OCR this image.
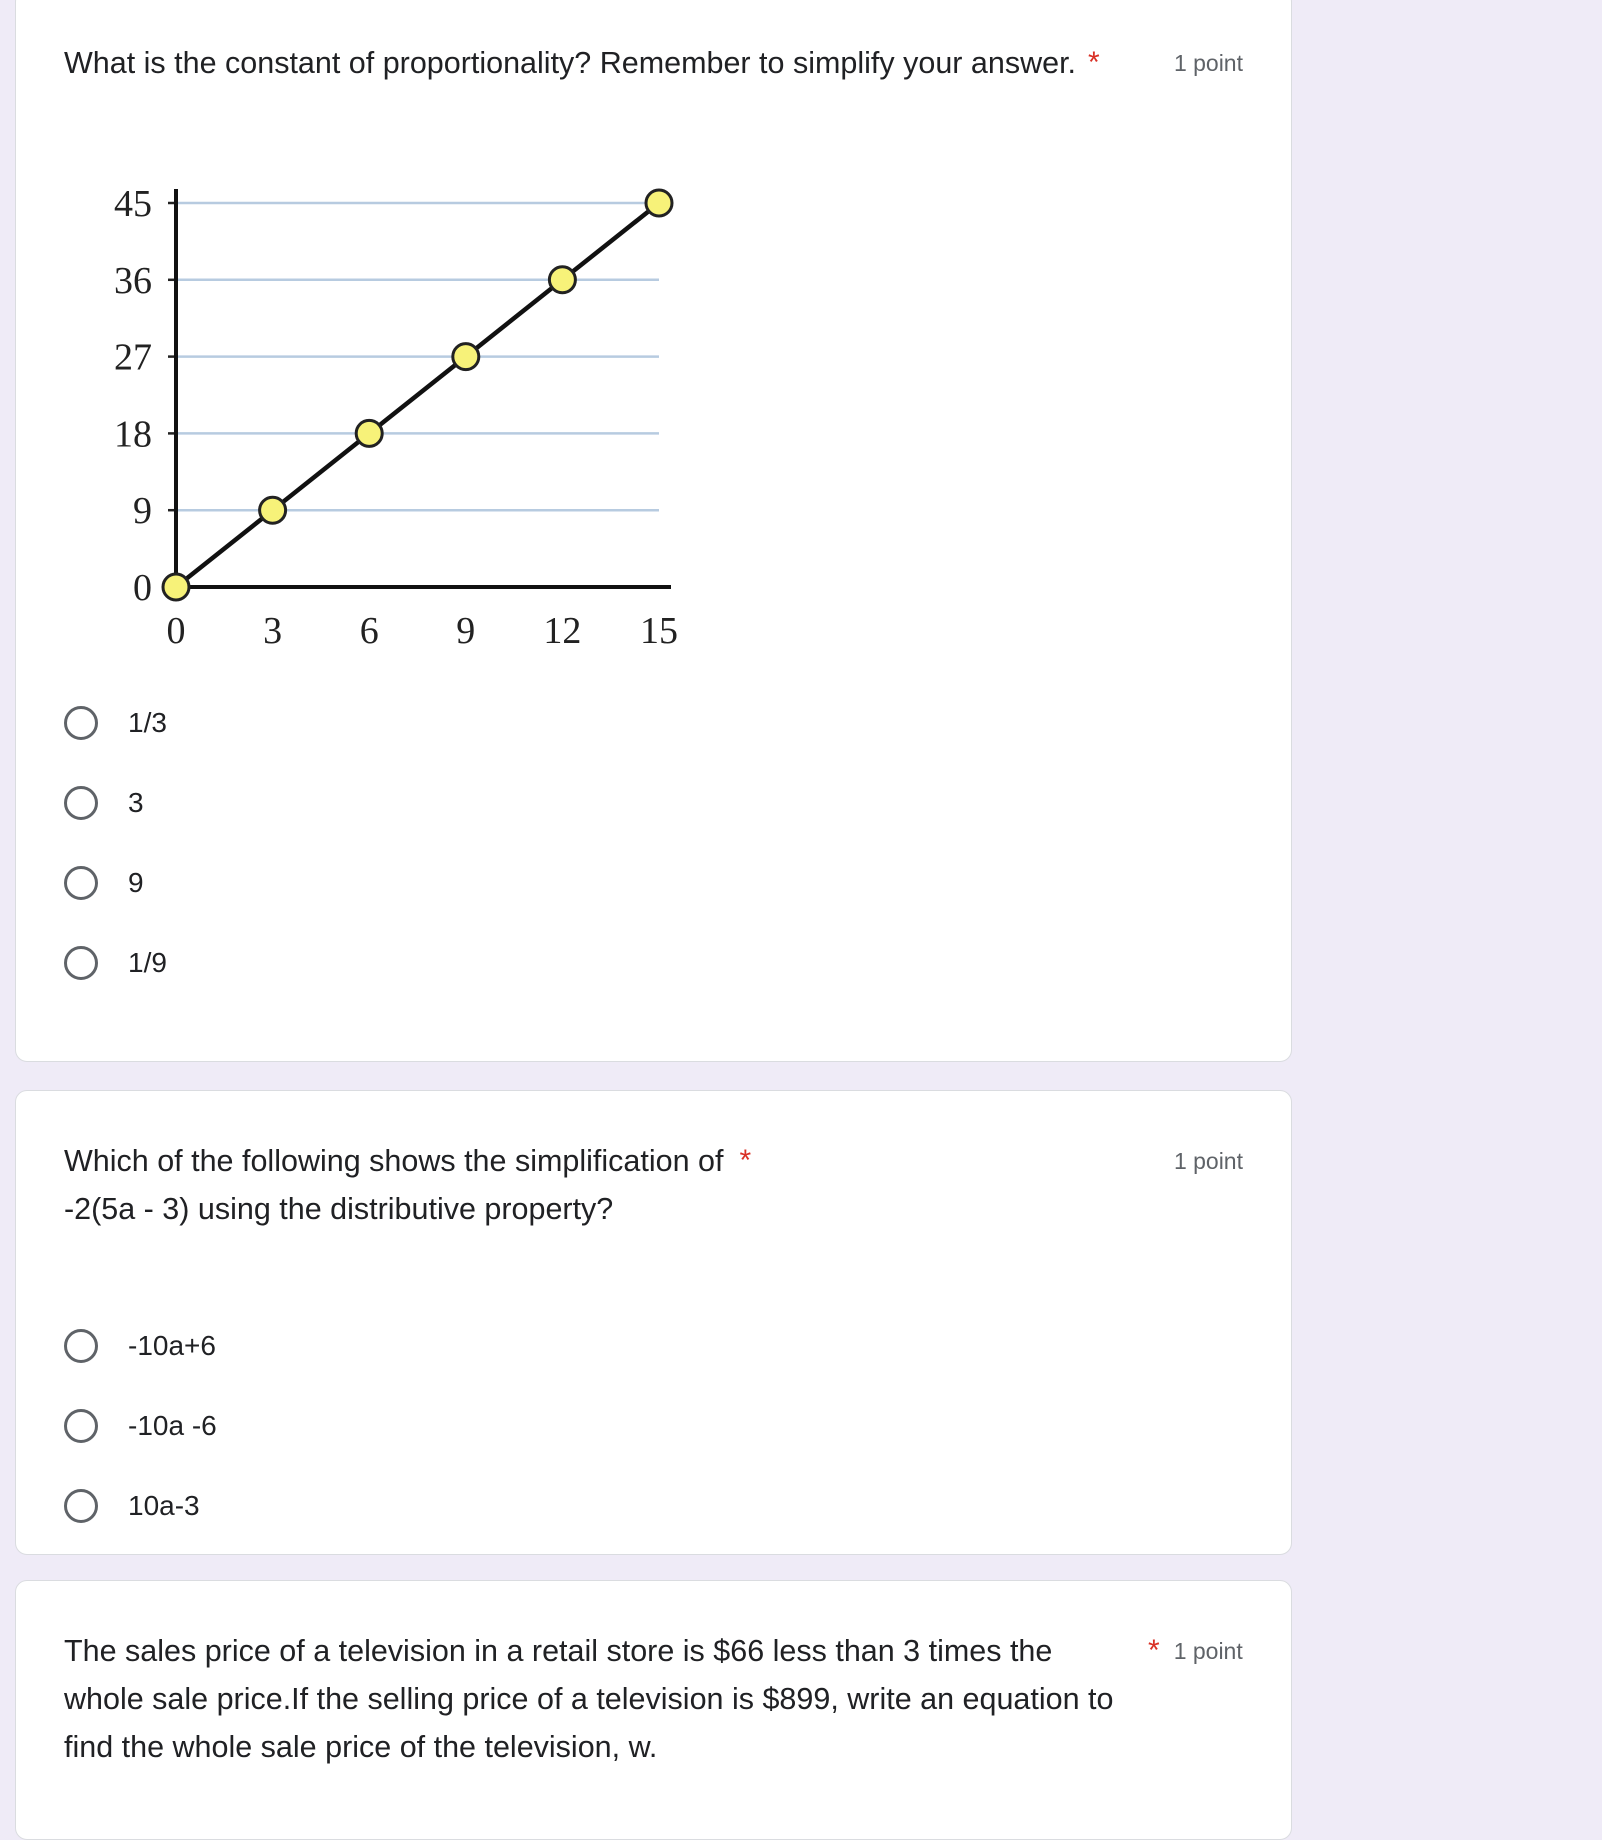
What is the constant of proportionality? Remember to simplify your answer. *	1 point
0
9
18
27
36
45
0 3 6 9 12 15
1/3
3
9
1/9
Which of the following shows the simplification of *
-2(5a - 3) using the distributive property?
1 point
-10a+6
-10a -6
10a-3
The sales price of a television in a retail store is $66 less than 3 times the whole sale price.If the selling price of a television is $899, write an equation to find the whole sale price of the television, w.
* 1 point
